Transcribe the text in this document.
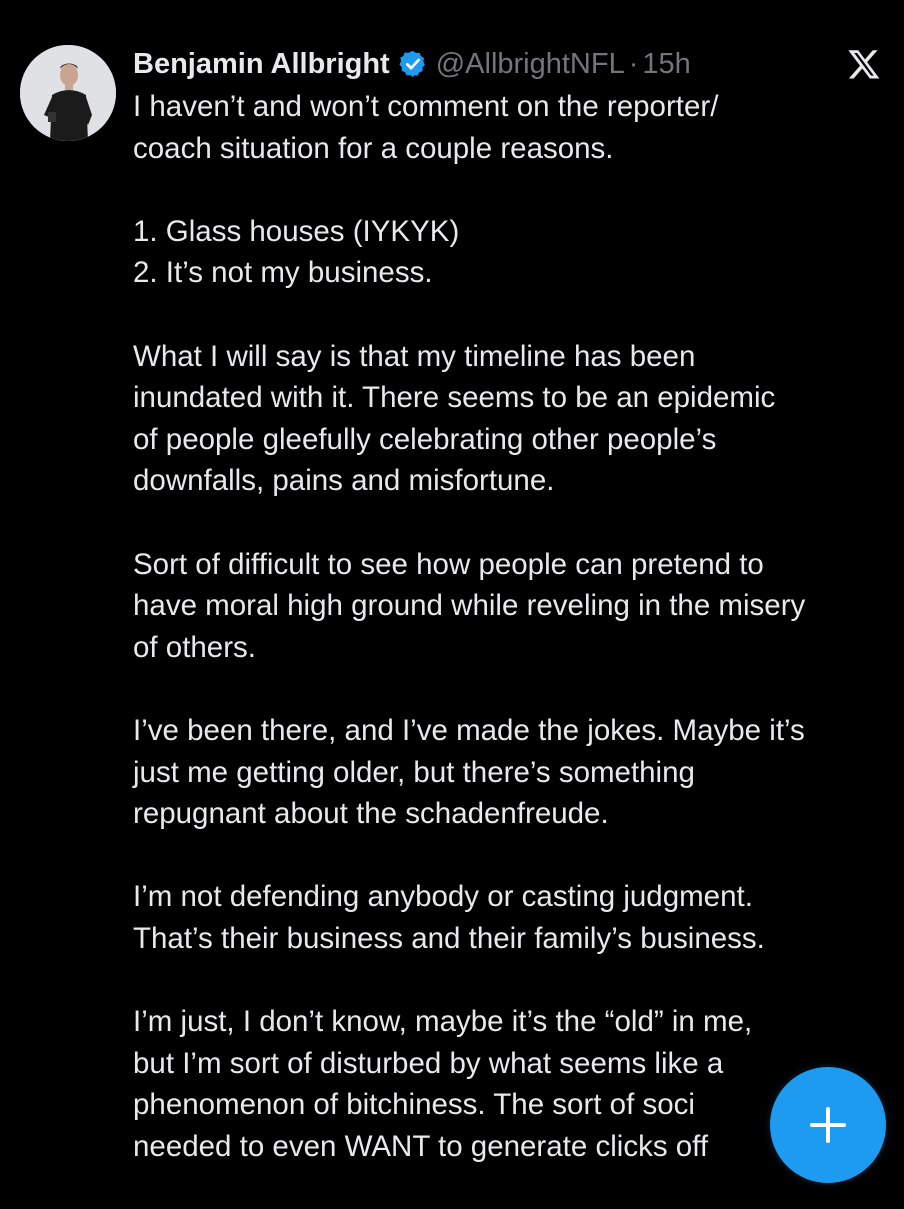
Benjamin Allbright @AllbrightNFL · 15h

I haven’t and won’t comment on the reporter/
coach situation for a couple reasons.

1. Glass houses (IYKYK)
2. It’s not my business.

What I will say is that my timeline has been
inundated with it. There seems to be an epidemic
of people gleefully celebrating other people’s
downfalls, pains and misfortune.

Sort of difficult to see how people can pretend to
have moral high ground while reveling in the misery
of others.

I’ve been there, and I’ve made the jokes. Maybe it’s
just me getting older, but there’s something
repugnant about the schadenfreude.

I’m not defending anybody or casting judgment.
That’s their business and their family’s business.

I’m just, I don’t know, maybe it’s the “old” in me,
but I’m sort of disturbed by what seems like a
phenomenon of bitchiness. The sort of soci
needed to even WANT to generate clicks off
